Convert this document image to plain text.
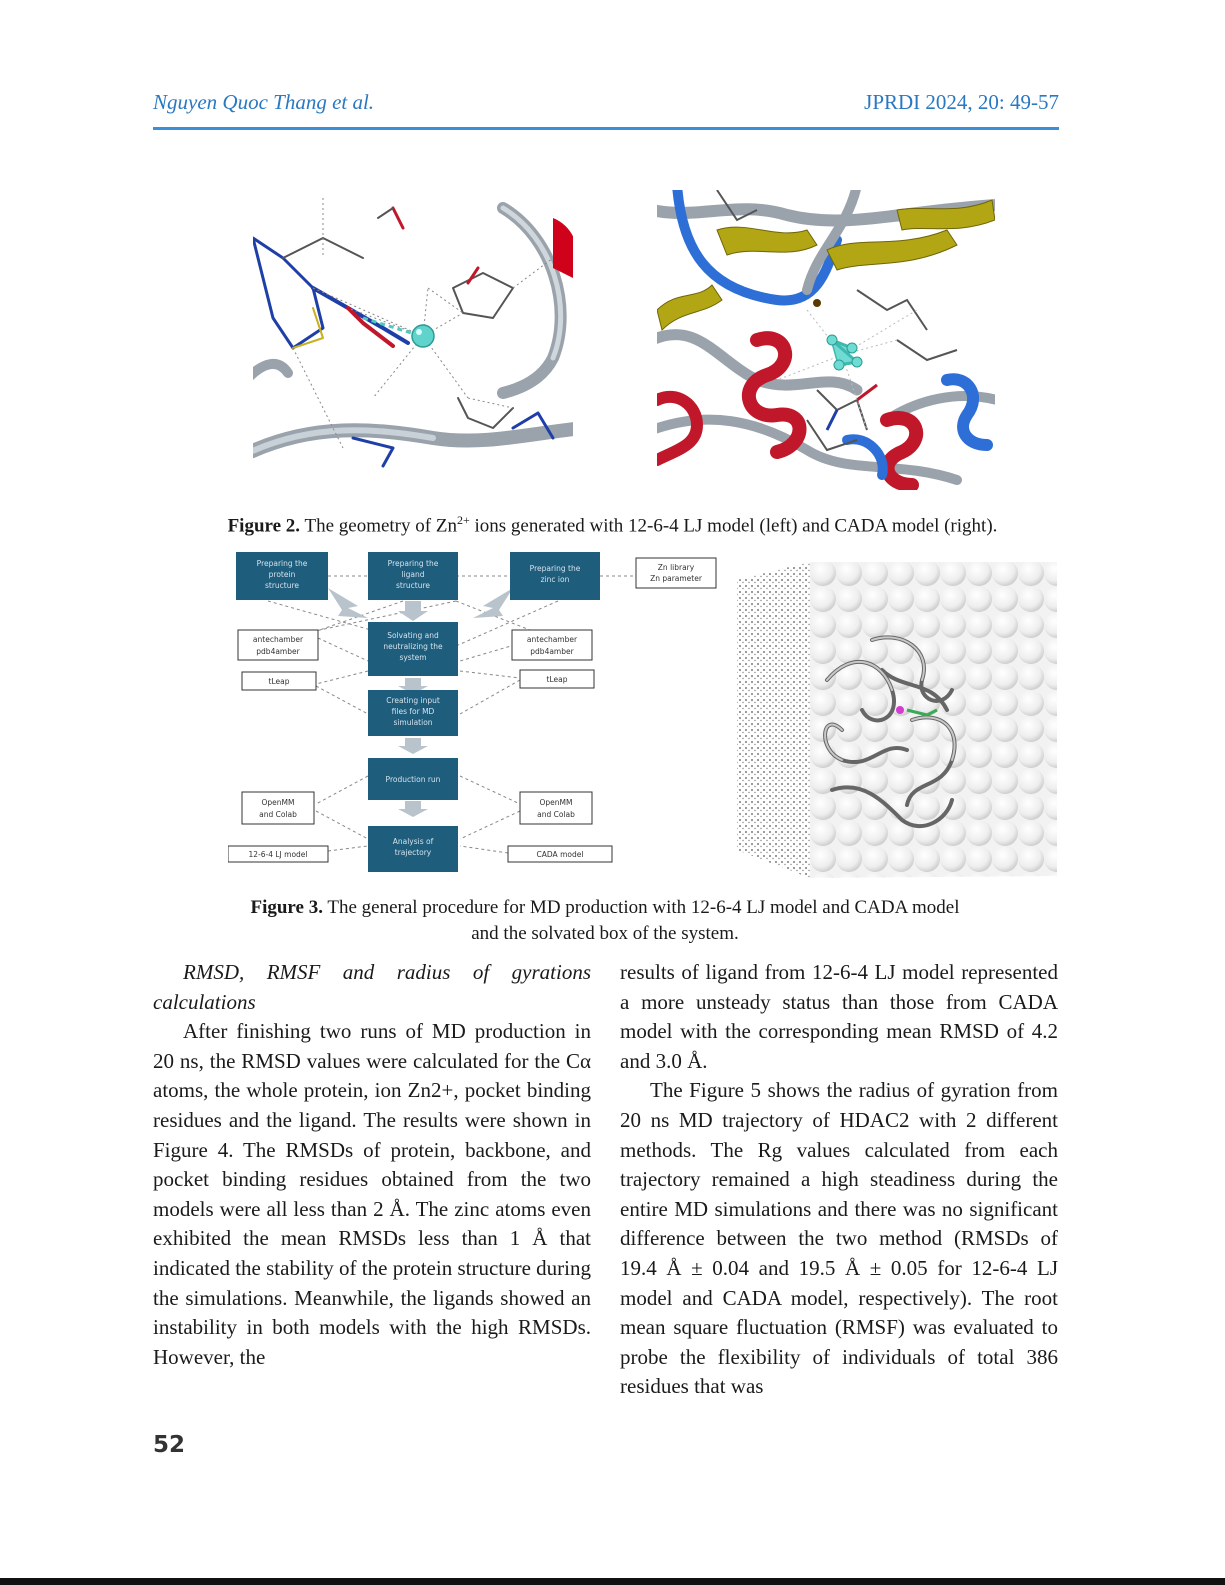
Nguyen Quoc Thang et al.	JPRDI 2024, 20: 49-57
Figure 2. The geometry of $Zn^{2+}$ ions generated with 12-6-4 LJ model (left) and CADA model (right).
Preparing the
protein
structure
Preparing the
ligand
structure
Preparing the
zinc ion
Solvating and
neutralizing the
system
Creating input
files for MD
simulation
Production run
Analysis of
trajectory
Zn library
Zn parameter
antechamber
pdb4amber
antechamber
pdb4amber
tLeap	tLeap
OpenMM
and Colab
OpenMM
and Colab
12-6-4 LJ model	CADA model
Figure 3. The general procedure for MD production with 12-6-4 LJ model and CADA model
and the solvated box of the system.

RMSD, RMSF and radius of gyrations calculations

After finishing two runs of MD production in 20 ns, the RMSD values were calculated for the Cα atoms, the whole protein, ion Zn2+, pocket binding residues and the ligand. The results were shown in Figure 4. The RMSDs of protein, backbone, and pocket binding residues obtained from the two models were all less than 2 Å. The zinc atoms even exhibited the mean RMSDs less than 1 Å that indicated the stability of the protein structure during the simulations. Meanwhile, the ligands showed an instability in both models with the high RMSDs. However, the

results of ligand from 12-6-4 LJ model represented a more unsteady status than those from CADA model with the corresponding mean RMSD of 4.2 and 3.0 Å.

The Figure 5 shows the radius of gyration from 20 ns MD trajectory of HDAC2 with 2 different methods. The Rg values calculated from each trajectory remained a high steadiness during the entire MD simulations and there was no significant difference between the two method (RMSDs of 19.4 Å ± 0.04 and 19.5 Å ± 0.05 for 12-6-4 LJ model and CADA model, respectively). The root mean square fluctuation (RMSF) was evaluated to probe the flexibility of individuals of total 386 residues that was

52
